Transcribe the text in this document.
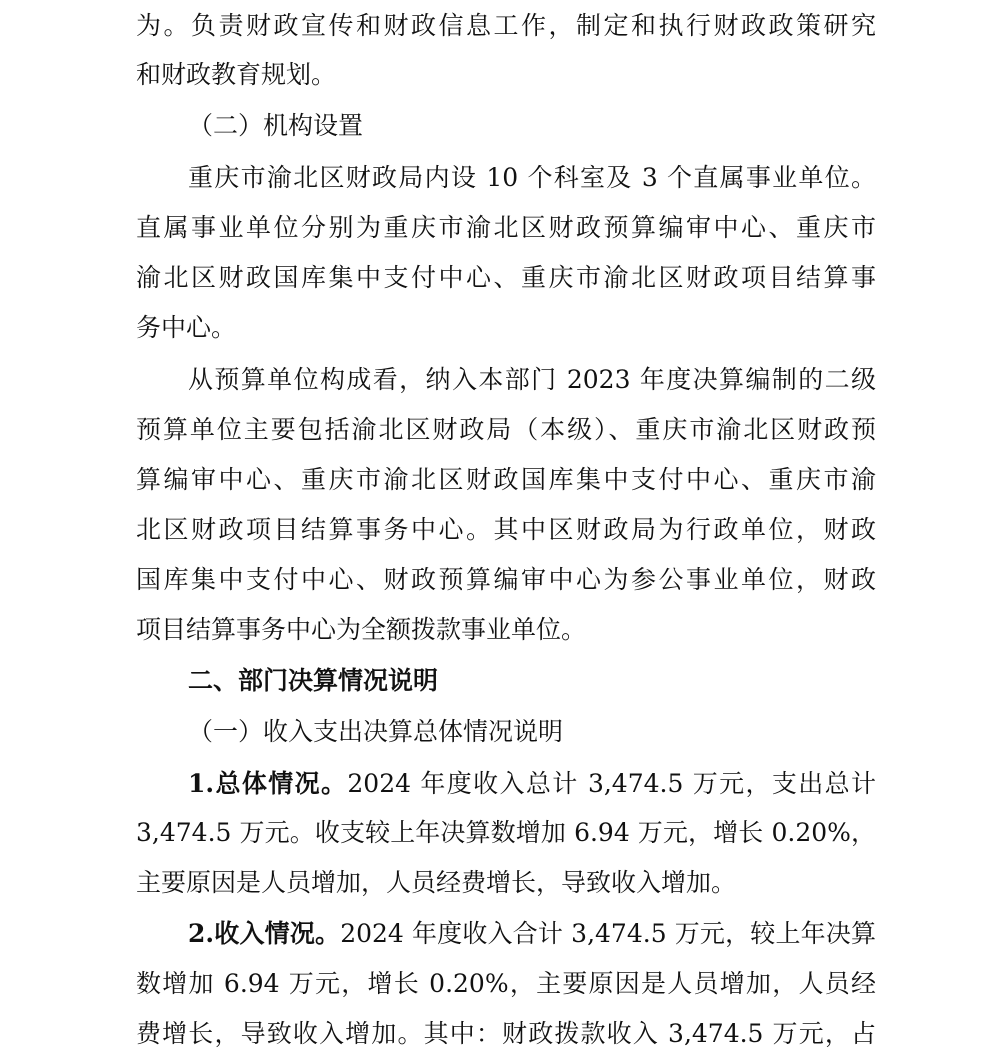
为。负责财政宣传和财政信息工作，制定和执行财政政策研究

和财政教育规划。

（二）机构设置

重庆市渝北区财政局内设 10 个科室及 3 个直属事业单位。

直属事业单位分别为重庆市渝北区财政预算编审中心、重庆市

渝北区财政国库集中支付中心、重庆市渝北区财政项目结算事

务中心。

从预算单位构成看，纳入本部门 2023 年度决算编制的二级

预算单位主要包括渝北区财政局（本级）、重庆市渝北区财政预

算编审中心、重庆市渝北区财政国库集中支付中心、重庆市渝

北区财政项目结算事务中心。其中区财政局为行政单位，财政

国库集中支付中心、财政预算编审中心为参公事业单位，财政

项目结算事务中心为全额拨款事业单位。

二、部门决算情况说明

（一）收入支出决算总体情况说明

1.总体情况。2024 年度收入总计 3,474.5 万元，支出总计

3,474.5 万元。收支较上年决算数增加 6.94 万元，增长 0.20%，

主要原因是人员增加，人员经费增长，导致收入增加。

2.收入情况。2024 年度收入合计 3,474.5 万元，较上年决算

数增加 6.94 万元，增长 0.20%，主要原因是人员增加，人员经

费增长，导致收入增加。其中：财政拨款收入 3,474.5 万元，占
